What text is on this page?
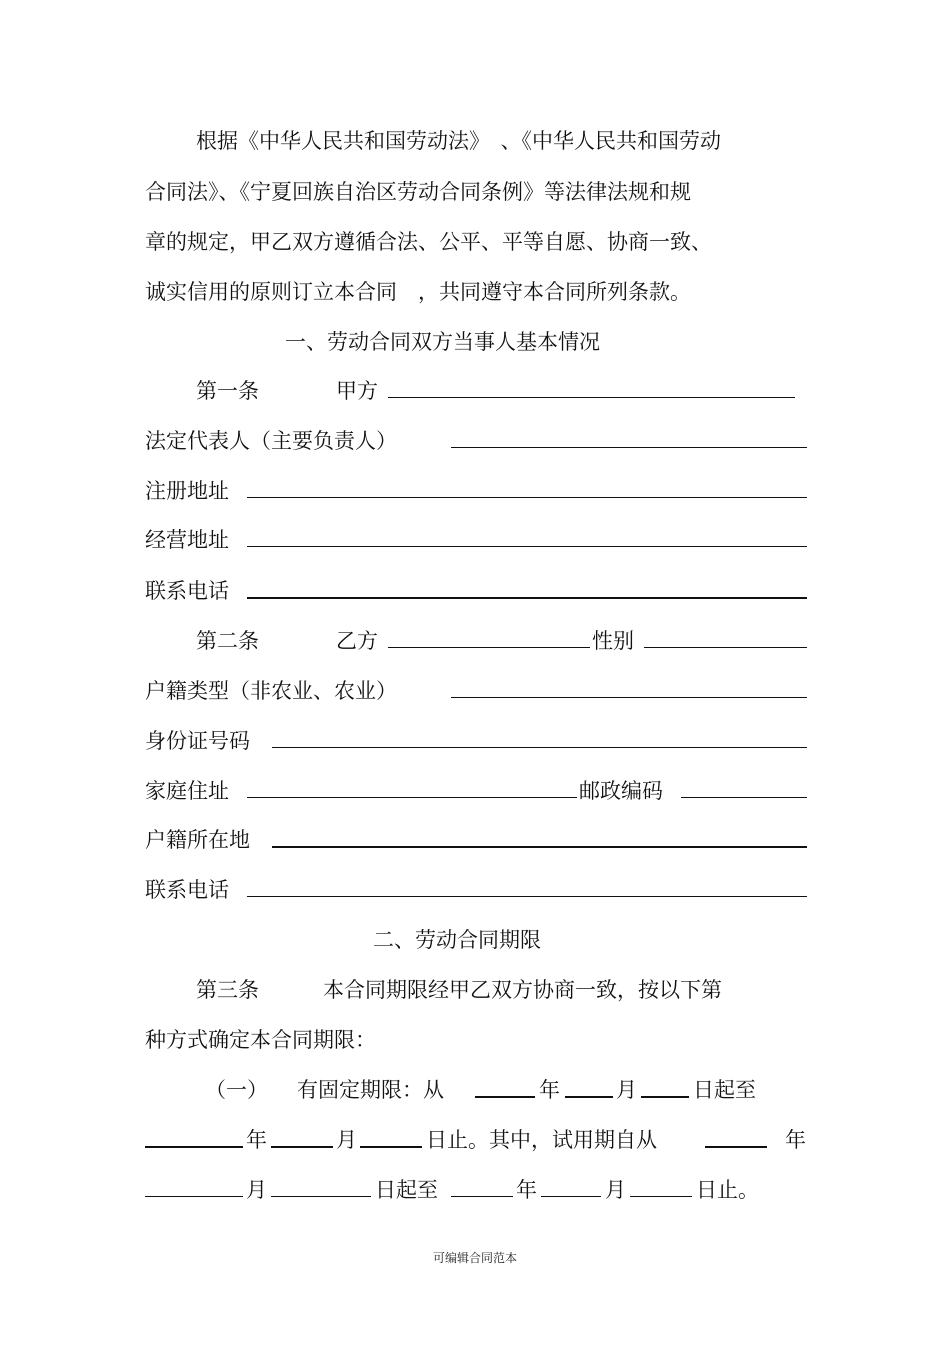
根据《中华人民共和国劳动法》　、《中华人民共和国劳动
合同法》、《宁夏回族自治区劳动合同条例》等法律法规和规
章的规定，甲乙双方遵循合法、公平、平等自愿、协商一致、
诚实信用的原则订立本合同　，共同遵守本合同所列条款。
一、劳动合同双方当事人基本情况
第一条	甲方
法定代表人（主要负责人）
注册地址
经营地址
联系电话
第二条	乙方	性别
户籍类型（非农业、农业）
身份证号码
家庭住址	邮政编码
户籍所在地
联系电话
二、劳动合同期限
第三条	本合同期限经甲乙双方协商一致，按以下第
种方式确定本合同期限：
（一） 有固定期限：从	年	月	日起至
年	月	日止。其中，试用期自从	年
月	日起至	年	月	日止。
可编辑合同范本
